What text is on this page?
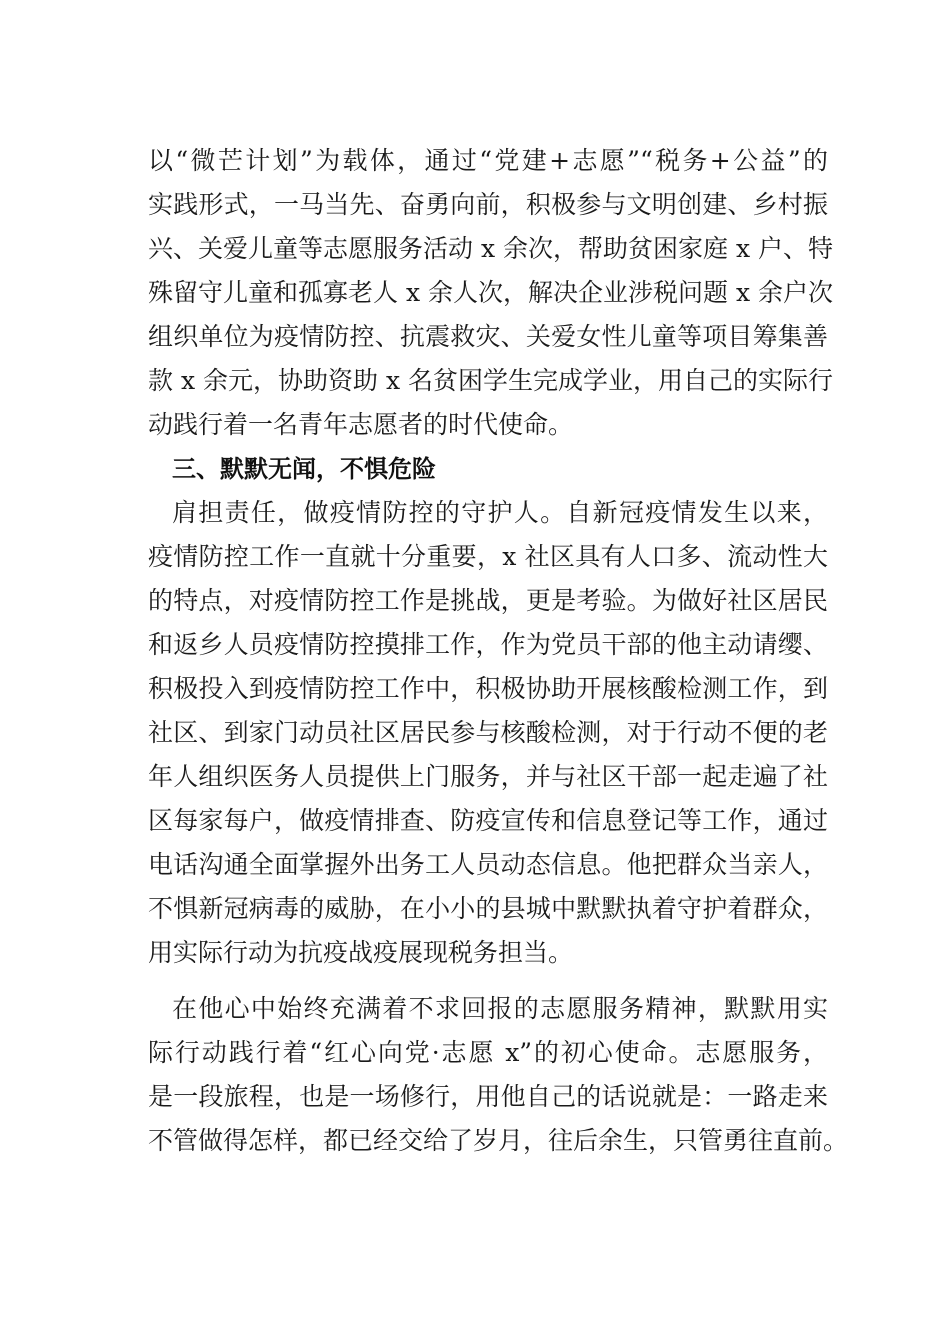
以“微芒计划”为载体，通过“党建+志愿”“税务+公益”的
实践形式，一马当先、奋勇向前，积极参与文明创建、乡村振
兴、关爱儿童等志愿服务活动 x 余次，帮助贫困家庭 x 户、特
殊留守儿童和孤寡老人 x 余人次，解决企业涉税问题 x 余户次
组织单位为疫情防控、抗震救灾、关爱女性儿童等项目筹集善
款 x 余元，协助资助 x 名贫困学生完成学业，用自己的实际行
动践行着一名青年志愿者的时代使命。
三、默默无闻，不惧危险
肩担责任，做疫情防控的守护人。自新冠疫情发生以来，
疫情防控工作一直就十分重要，x 社区具有人口多、流动性大
的特点，对疫情防控工作是挑战，更是考验。为做好社区居民
和返乡人员疫情防控摸排工作，作为党员干部的他主动请缨、
积极投入到疫情防控工作中，积极协助开展核酸检测工作，到
社区、到家门动员社区居民参与核酸检测，对于行动不便的老
年人组织医务人员提供上门服务，并与社区干部一起走遍了社
区每家每户，做疫情排查、防疫宣传和信息登记等工作，通过
电话沟通全面掌握外出务工人员动态信息。他把群众当亲人，
不惧新冠病毒的威胁，在小小的县城中默默执着守护着群众，
用实际行动为抗疫战疫展现税务担当。
在他心中始终充满着不求回报的志愿服务精神，默默用实
际行动践行着“红心向党·志愿 x”的初心使命。志愿服务，
是一段旅程，也是一场修行，用他自己的话说就是：一路走来
不管做得怎样，都已经交给了岁月，往后余生，只管勇往直前。
